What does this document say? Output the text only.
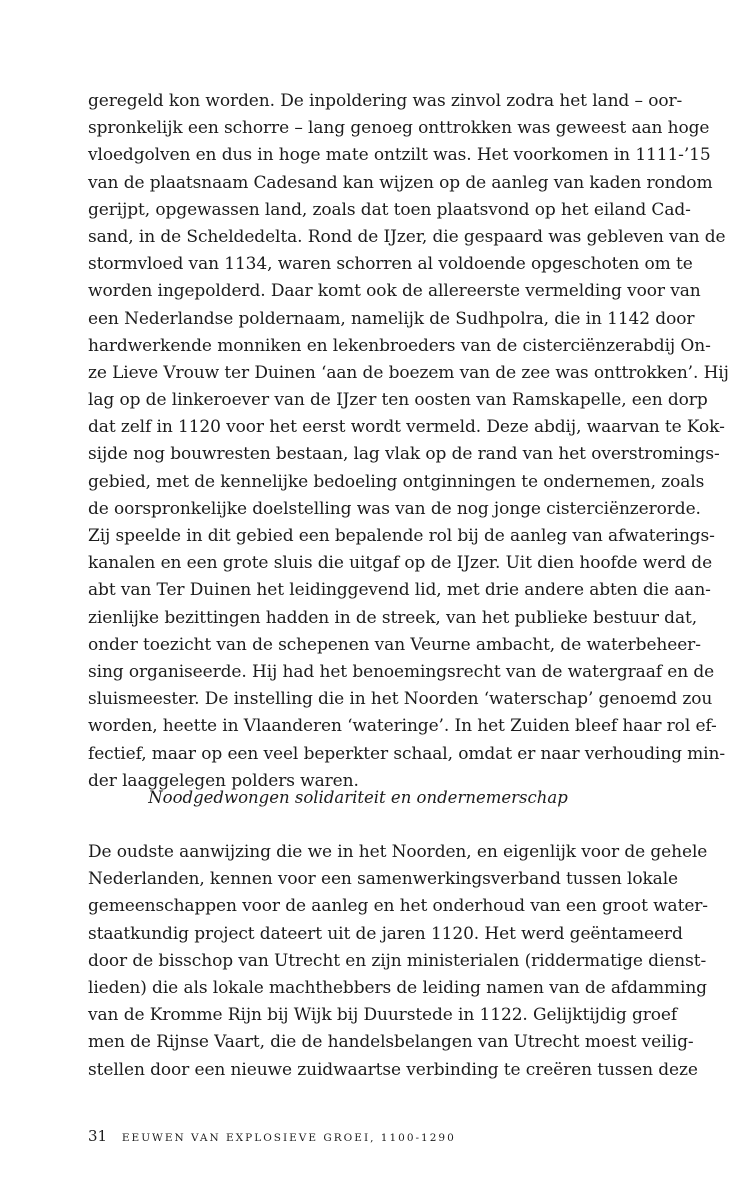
geregeld kon worden. De inpoldering was zinvol zodra het land – oor-
spronkelijk een schorre – lang genoeg onttrokken was geweest aan hoge
vloedgolven en dus in hoge mate ontzilt was. Het voorkomen in 1111-’15
van de plaatsnaam Cadesand kan wijzen op de aanleg van kaden rondom
gerijpt, opgewassen land, zoals dat toen plaatsvond op het eiland Cad-
sand, in de Scheldedelta. Rond de IJzer, die gespaard was gebleven van de
stormvloed van 1134, waren schorren al voldoende opgeschoten om te
worden ingepolderd. Daar komt ook de allereerste vermelding voor van
een Nederlandse poldernaam, namelijk de Sudhpolra, die in 1142 door
hardwerkende monniken en lekenbroeders van de cisterciënzerabdij On-
ze Lieve Vrouw ter Duinen ‘aan de boezem van de zee was onttrokken’. Hij
lag op de linkeroever van de IJzer ten oosten van Ramskapelle, een dorp
dat zelf in 1120 voor het eerst wordt vermeld. Deze abdij, waarvan te Kok-
sijde nog bouwresten bestaan, lag vlak op de rand van het overstromings-
gebied, met de kennelijke bedoeling ontginningen te ondernemen, zoals
de oorspronkelijke doelstelling was van de nog jonge cisterciënzerorde.
Zij speelde in dit gebied een bepalende rol bij de aanleg van afwaterings-
kanalen en een grote sluis die uitgaf op de IJzer. Uit dien hoofde werd de
abt van Ter Duinen het leidinggevend lid, met drie andere abten die aan-
zienlijke bezittingen hadden in de streek, van het publieke bestuur dat,
onder toezicht van de schepenen van Veurne ambacht, de waterbeheer-
sing organiseerde. Hij had het benoemingsrecht van de watergraaf en de
sluismeester. De instelling die in het Noorden ‘waterschap’ genoemd zou
worden, heette in Vlaanderen ‘wateringe’. In het Zuiden bleef haar rol ef-
fectief, maar op een veel beperkter schaal, omdat er naar verhouding min-
der laaggelegen polders waren.
Noodgedwongen solidariteit en ondernemerschap
De oudste aanwijzing die we in het Noorden, en eigenlijk voor de gehele
Nederlanden, kennen voor een samenwerkingsverband tussen lokale
gemeenschappen voor de aanleg en het onderhoud van een groot water-
staatkundig project dateert uit de jaren 1120. Het werd geëntameerd
door de bisschop van Utrecht en zijn ministerialen (riddermatige dienst-
lieden) die als lokale machthebbers de leiding namen van de afdamming
van de Kromme Rijn bij Wijk bij Duurstede in 1122. Gelijktijdig groef
men de Rijnse Vaart, die de handelsbelangen van Utrecht moest veilig-
stellen door een nieuwe zuidwaartse verbinding te creëren tussen deze
31 EEUWEN VAN EXPLOSIEVE GROEI, 1100-1290
